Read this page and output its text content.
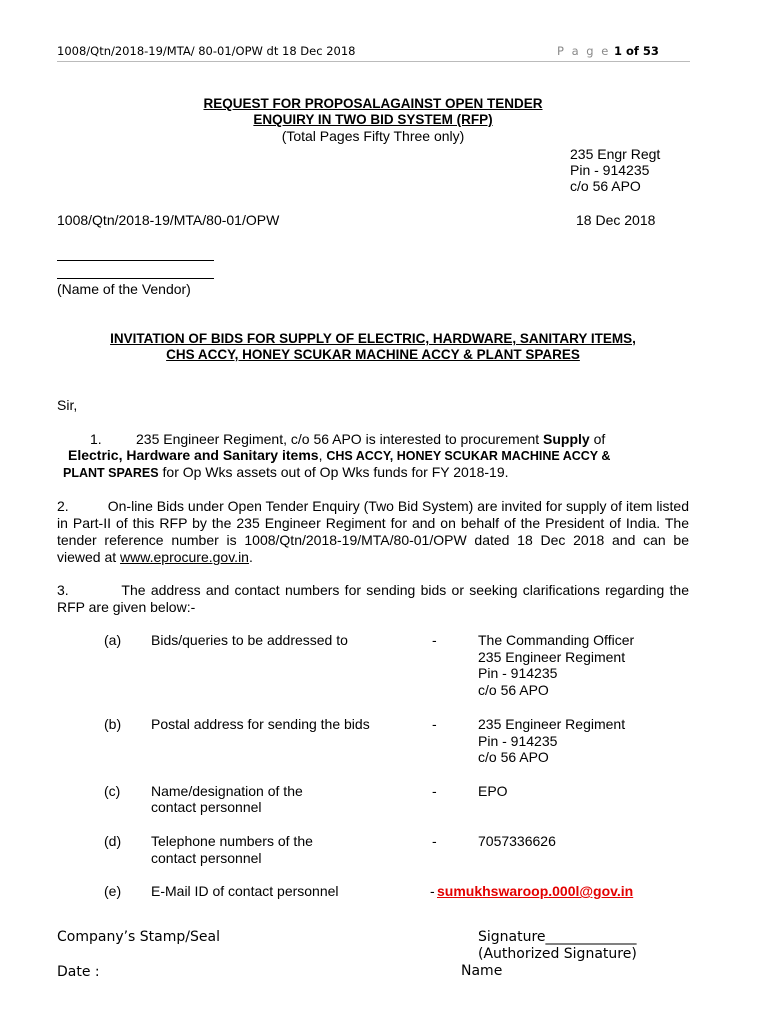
1008/Qtn/2018-19/MTA/ 80-01/OPW dt 18 Dec 2018	P a g e 1 of 53
REQUEST FOR PROPOSALAGAINST OPEN TENDER
ENQUIRY IN TWO BID SYSTEM (RFP)
(Total Pages Fifty Three only)
235 Engr Regt
Pin - 914235
c/o 56 APO
1008/Qtn/2018-19/MTA/80-01/OPW	18 Dec 2018
(Name of the Vendor)
INVITATION OF BIDS FOR SUPPLY OF ELECTRIC, HARDWARE, SANITARY ITEMS,
CHS ACCY, HONEY SCUKAR MACHINE ACCY & PLANT SPARES
Sir,
1. 235 Engineer Regiment, c/o 56 APO is interested to procurement Supply of
Electric, Hardware and Sanitary items, CHS ACCY, HONEY SCUKAR MACHINE ACCY &
PLANT SPARES for Op Wks assets out of Op Wks funds for FY 2018-19.
2.	On-line Bids under Open Tender Enquiry (Two Bid System) are invited for supply of item listed in Part-II of this RFP by the 235 Engineer Regiment for and on behalf of the President of India. The tender reference number is 1008/Qtn/2018-19/MTA/80-01/OPW dated 18 Dec 2018 and can be viewed at www.eprocure.gov.in.
3.	The address and contact numbers for sending bids or seeking clarifications regarding the RFP are given below:-
(a) Bids/queries to be addressed to	-	The Commanding Officer
235 Engineer Regiment
Pin - 914235
c/o 56 APO
(b) Postal address for sending the bids	-	235 Engineer Regiment
Pin - 914235
c/o 56 APO
(c) Name/designation of the
contact personnel
-	EPO
(d) Telephone numbers of the
contact personnel
-	7057336626
(e) E-Mail ID of contact personnel	- sumukhswaroop.000l@gov.in
Company’s Stamp/Seal
Date :
Signature_____________
(Authorized Signature)
Name
